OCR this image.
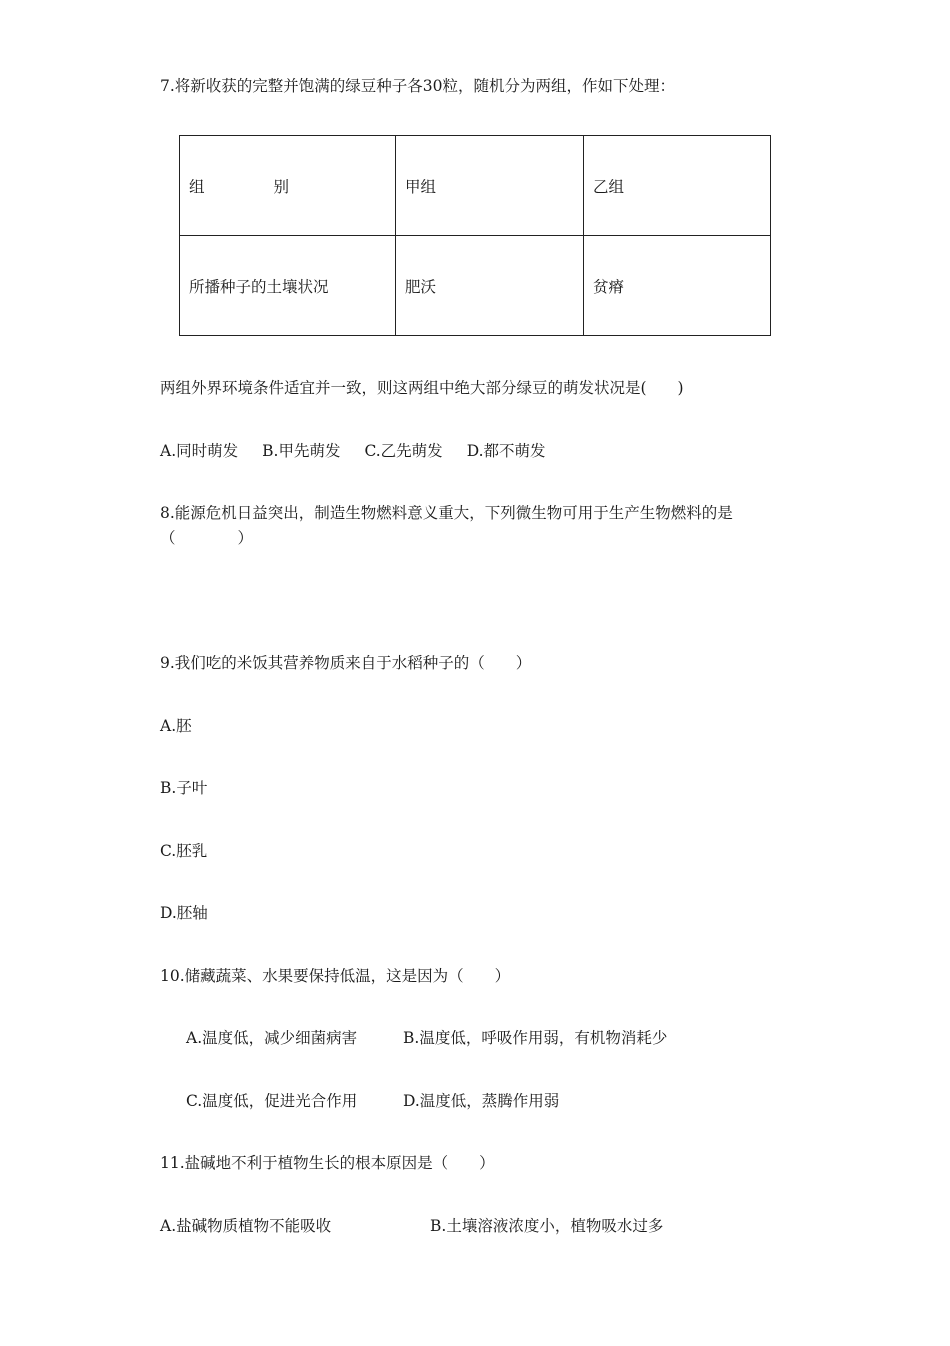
7.将新收获的完整并饱满的绿豆种子各30粒，随机分为两组，作如下处理：
组 别	甲组	乙组
所播种子的土壤状况	肥沃	贫瘠
两组外界环境条件适宜并一致，则这两组中绝大部分绿豆的萌发状况是(　　)
A.同时萌发 B.甲先萌发 C.乙先萌发 D.都不萌发
8.能源危机日益突出，制造生物燃料意义重大，下列微生物可用于生产生物燃料的是
（　　　　）
9.我们吃的米饭其营养物质来自于水稻种子的（　　）
A.胚
B.子叶
C.胚乳
D.胚轴
10.储藏蔬菜、水果要保持低温，这是因为（　　）
A.温度低，减少细菌病害	B.温度低，呼吸作用弱，有机物消耗少
C.温度低，促进光合作用	D.温度低，蒸腾作用弱
11.盐碱地不利于植物生长的根本原因是（　　）
A.盐碱物质植物不能吸收	B.土壤溶液浓度小，植物吸水过多
